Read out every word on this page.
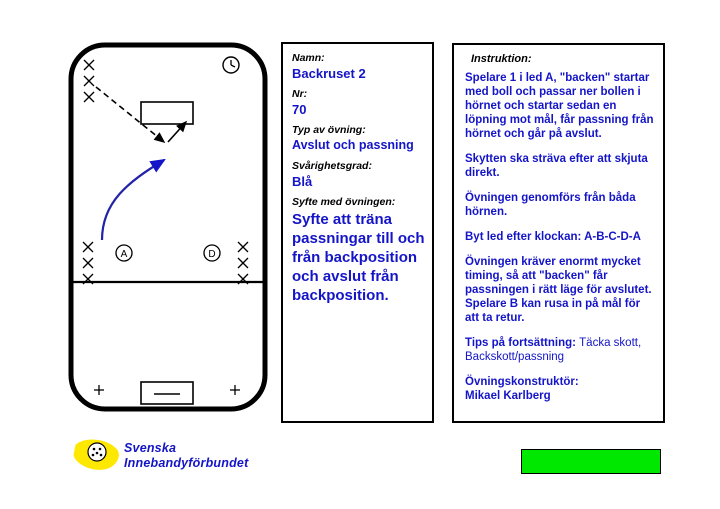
A	D
Namn:
Backruset 2
Nr:
70
Typ av övning:
Avslut och passning
Svårighetsgrad:
Blå
Syfte med övningen:
Syfte att träna passningar till och från backposition och avslut från backposition.
Instruktion:
Spelare 1 i led A, "backen" startar med boll och passar ner bollen i hörnet och startar sedan en löpning mot mål, får passning från hörnet och går på avslut.
Skytten ska sträva efter att skjuta direkt.
Övningen genomförs från båda hörnen.
Byt led efter klockan: A-B-C-D-A
Övningen kräver enormt mycket timing, så att "backen" får passningen i rätt läge för avslutet. Spelare B kan rusa in på mål för att ta retur.
Tips på fortsättning: Täcka skott, Backskott/passning
Övningskonstruktör:
Mikael Karlberg
Svenska
Innebandyförbundet
